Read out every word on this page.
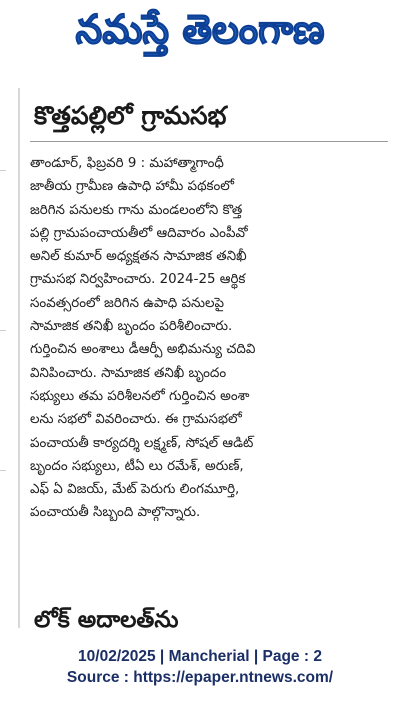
నమస్తే తెలంగాణ
కొత్తపల్లిలో గ్రామసభ
తాండూర్, ఫిబ్రవరి 9 : మహాత్మాగాంధీ
జాతీయ గ్రామీణ ఉపాధి హామీ పథకంలో
జరిగిన పనులకు గాను మండలంలోని కొత్త
పల్లి గ్రామపంచాయతీలో ఆదివారం ఎంపీవో
అనిల్ కుమార్ అధ్యక్షతన సామాజిక తనిఖీ
గ్రామసభ నిర్వహించారు. 2024-25 ఆర్థిక
సంవత్సరంలో జరిగిన ఉపాధి పనులపై
సామాజిక తనిఖీ బృందం పరిశీలించారు.
గుర్తించిన అంశాలు డీఆర్పీ అభిమన్యు చదివి
వినిపించారు. సామాజిక తనిఖీ బృందం
సభ్యులు తమ పరిశీలనలో గుర్తించిన అంశా
లను సభలో వివరించారు. ఈ గ్రామసభలో
పంచాయతీ కార్యదర్శి లక్ష్మణ్, సోషల్ ఆడిట్
బృందం సభ్యులు, టీఏ లు రమేశ్, అరుణ్,
ఎఫ్ ఏ విజయ్, మేట్ పెరుగు లింగమూర్తి,
పంచాయతీ సిబ్బంది పాల్గొన్నారు.
లోక్ అదాలత్‌ను
10/02/2025 | Mancherial | Page : 2
Source : https://epaper.ntnews.com/
